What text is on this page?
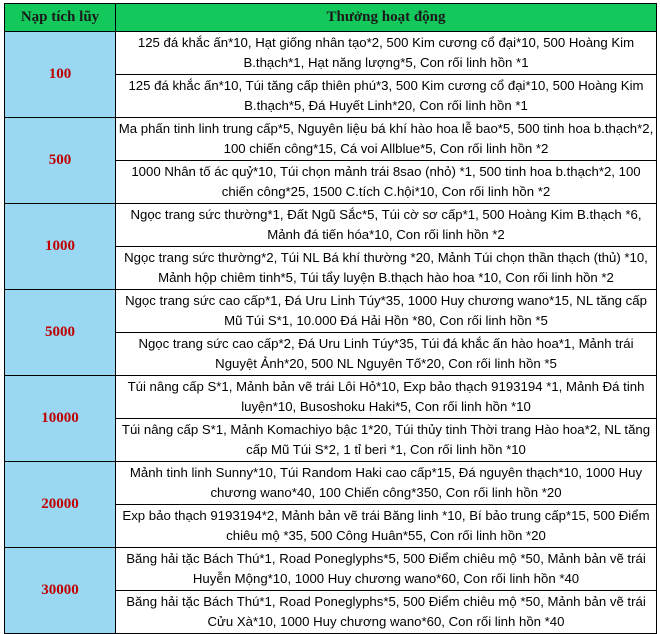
Nạp tích lũy	Thưởng hoạt động
100	125 đá khắc ấn*10, Hạt giống nhân tạo*2, 500 Kim cương cổ đại*10, 500 Hoàng Kim B.thạch*1, Hạt năng lượng*5, Con rối linh hồn *1
	125 đá khắc ấn*10, Túi tăng cấp thiên phú*3, 500 Kim cương cổ đại*10, 500 Hoàng Kim B.thạch*5, Đá Huyết Linh*20, Con rối linh hồn *1
500	Ma phấn tinh linh trung cấp*5, Nguyên liệu bá khí hào hoa lễ bao*5, 500 tinh hoa b.thạch*2, 100 chiến công*15, Cá voi Allblue*5, Con rối linh hồn *2
	1000 Nhân tố ác quỷ*10, Túi chọn mảnh trái 8sao (nhỏ) *1, 500 tinh hoa b.thạch*2, 100 chiến công*25, 1500 C.tích C.hội*10, Con rối linh hồn *2
1000	Ngọc trang sức thường*1, Đất Ngũ Sắc*5, Túi cờ sơ cấp*1, 500 Hoàng Kim B.thạch *6, Mảnh đá tiến hóa*10, Con rối linh hồn *2
	Ngọc trang sức thường*2, Túi NL Bá khí thường *20, Mảnh Túi chọn thần thạch (thủ) *10, Mảnh hộp chiêm tinh*5, Túi tẩy luyện B.thạch hào hoa *10, Con rối linh hồn *2
5000	Ngọc trang sức cao cấp*1, Đá Uru Linh Túy*35, 1000 Huy chương wano*15, NL tăng cấp Mũ Túi S*1, 10.000 Đá Hải Hồn *80, Con rối linh hồn *5
	Ngọc trang sức cao cấp*2, Đá Uru Linh Túy*35, Túi đá khắc ấn hào hoa*1, Mảnh trái Nguyệt Ảnh*20, 500 NL Nguyên Tố*20, Con rối linh hồn *5
10000	Túi nâng cấp S*1, Mảnh bản vẽ trái Lôi Hỏ*10, Exp bảo thạch 9193194 *1, Mảnh Đá tinh luyện*10, Busoshoku Haki*5, Con rối linh hồn *10
	Túi nâng cấp S*1, Mảnh Komachiyo bậc 1*20, Túi thủy tinh Thời trang Hào hoa*2, NL tăng cấp Mũ Túi S*2, 1 tỉ beri *1, Con rối linh hồn *10
20000	Mảnh tinh linh Sunny*10, Túi Random Haki cao cấp*15, Đá nguyên thạch*10, 1000 Huy chương wano*40, 100 Chiến công*350, Con rối linh hồn *20
	Exp bảo thạch 9193194*2, Mảnh bản vẽ trái Băng linh *10, Bí bảo trung cấp*15, 500 Điểm chiêu mộ *35, 500 Công Huân*55, Con rối linh hồn *20
30000	Băng hải tặc Bách Thú*1, Road Poneglyphs*5, 500 Điểm chiêu mộ *50, Mảnh bản vẽ trái Huyễn Mộng*10, 1000 Huy chương wano*60, Con rối linh hồn *40
	Băng hải tặc Bách Thú*1, Road Poneglyphs*5, 500 Điểm chiêu mộ *50, Mảnh bản vẽ trái Cửu Xà*10, 1000 Huy chương wano*60, Con rối linh hồn *40
